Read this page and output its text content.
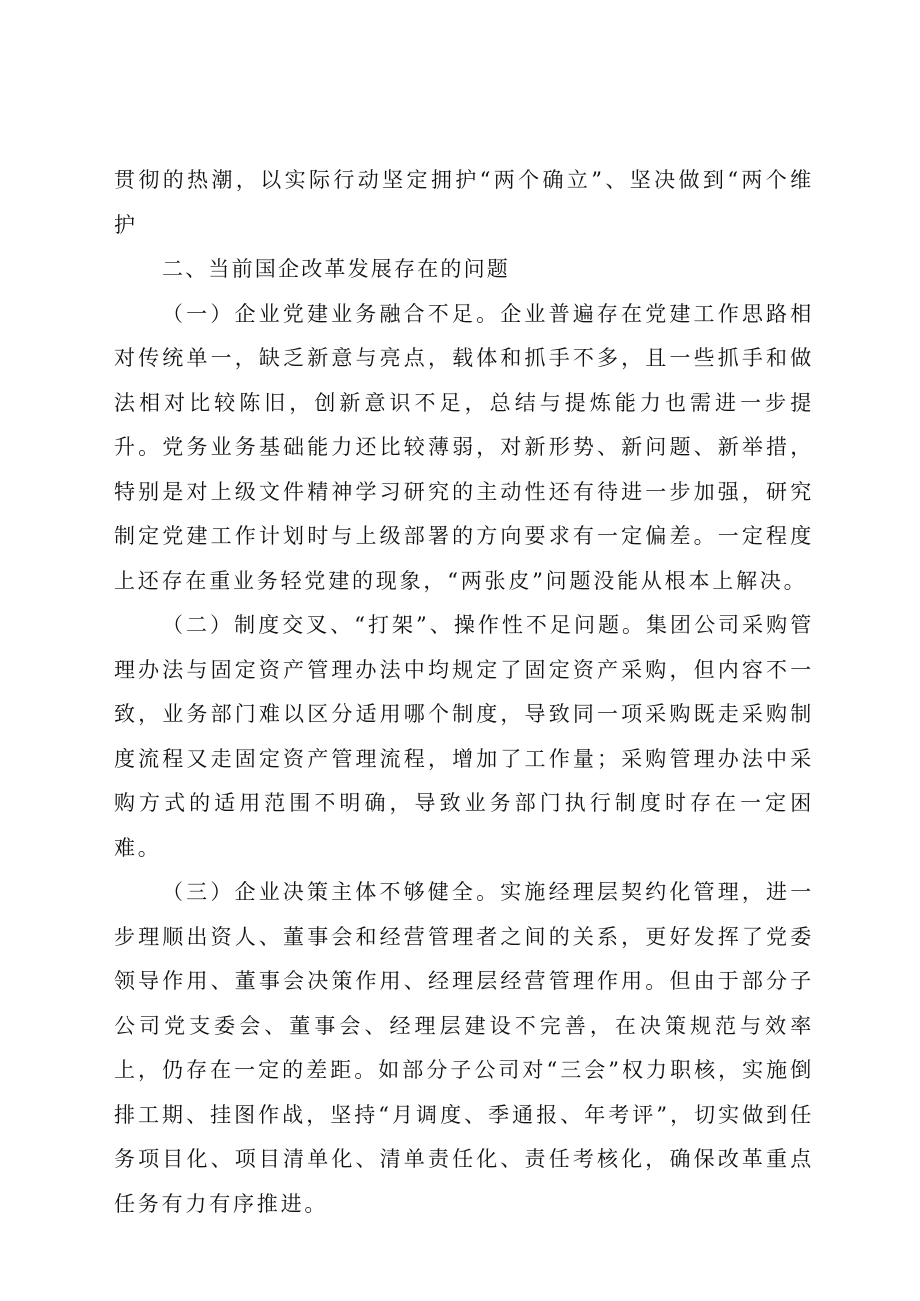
贯彻的热潮，以实际行动坚定拥护“两个确立”、坚决做到“两个维护

二、当前国企改革发展存在的问题

（一）企业党建业务融合不足。企业普遍存在党建工作思路相对传统单一，缺乏新意与亮点，载体和抓手不多，且一些抓手和做法相对比较陈旧，创新意识不足，总结与提炼能力也需进一步提升。党务业务基础能力还比较薄弱，对新形势、新问题、新举措，特别是对上级文件精神学习研究的主动性还有待进一步加强，研究制定党建工作计划时与上级部署的方向要求有一定偏差。一定程度上还存在重业务轻党建的现象，“两张皮”问题没能从根本上解决。

（二）制度交叉、“打架”、操作性不足问题。集团公司采购管理办法与固定资产管理办法中均规定了固定资产采购，但内容不一致，业务部门难以区分适用哪个制度，导致同一项采购既走采购制度流程又走固定资产管理流程，增加了工作量；采购管理办法中采购方式的适用范围不明确，导致业务部门执行制度时存在一定困难。

（三）企业决策主体不够健全。实施经理层契约化管理，进一步理顺出资人、董事会和经营管理者之间的关系，更好发挥了党委领导作用、董事会决策作用、经理层经营管理作用。但由于部分子公司党支委会、董事会、经理层建设不完善，在决策规范与效率上，仍存在一定的差距。如部分子公司对“三会”权力职核，实施倒排工期、挂图作战，坚持“月调度、季通报、年考评”，切实做到任务项目化、项目清单化、清单责任化、责任考核化，确保改革重点任务有力有序推进。
